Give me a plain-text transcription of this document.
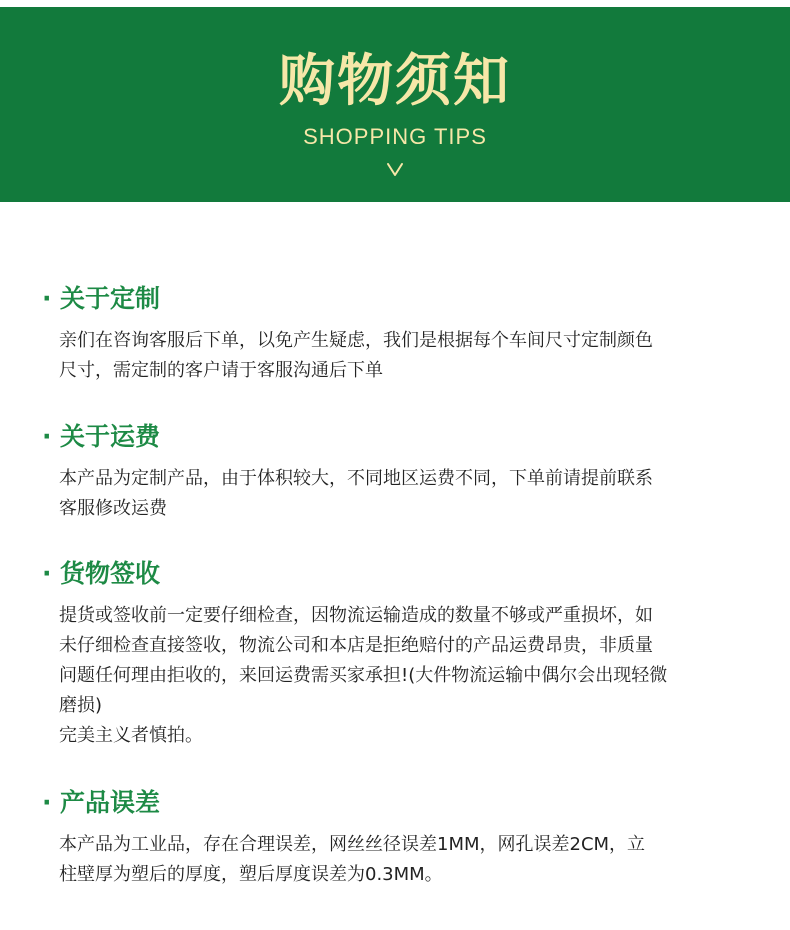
购物须知
SHOPPING TIPS
· 关于定制

亲们在咨询客服后下单，以免产生疑虑，我们是根据每个车间尺寸定制颜色

尺寸，需定制的客户请于客服沟通后下单

· 关于运费

本产品为定制产品，由于体积较大，不同地区运费不同，下单前请提前联系

客服修改运费

· 货物签收

提货或签收前一定要仔细检查，因物流运输造成的数量不够或严重损坏，如

未仔细检查直接签收，物流公司和本店是拒绝赔付的产品运费昂贵，非质量

问题任何理由拒收的，来回运费需买家承担!(大件物流运输中偶尔会出现轻微

磨损)

完美主义者慎拍。

· 产品误差

本产品为工业品，存在合理误差，网丝丝径误差1MM，网孔误差2CM，立

柱壁厚为塑后的厚度，塑后厚度误差为0.3MM。
